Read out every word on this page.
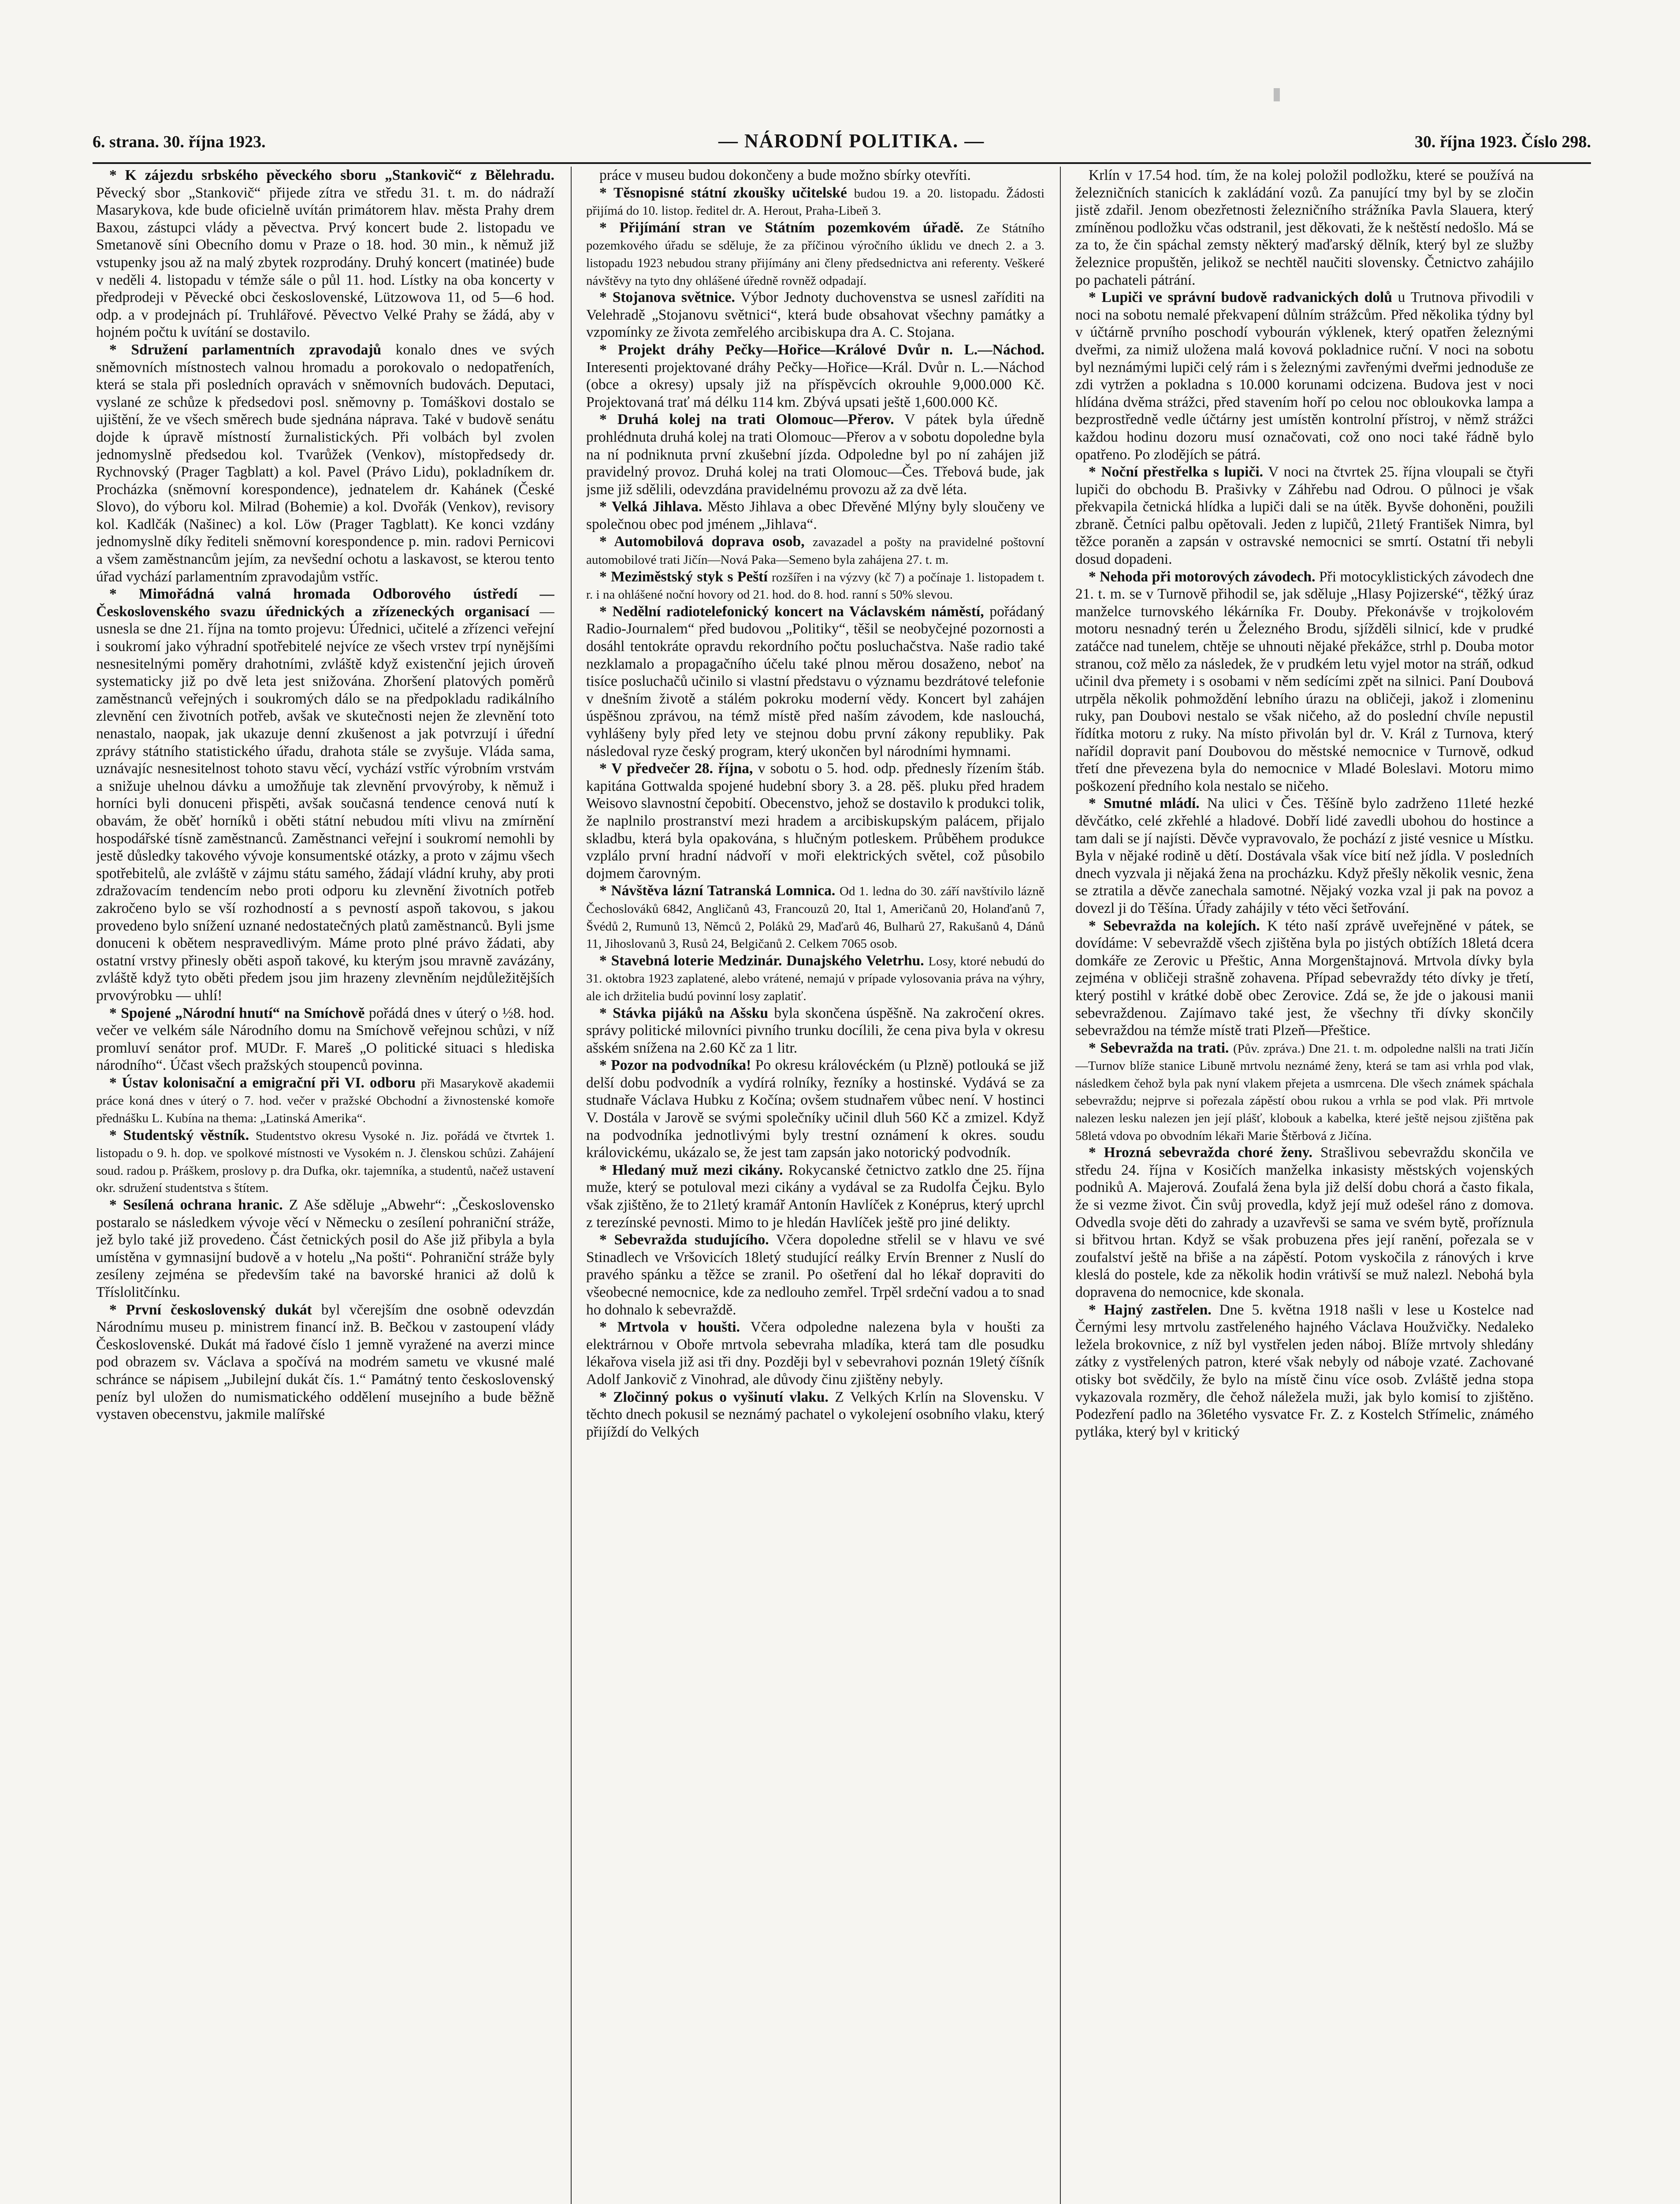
6. strana. 30. října 1923.	— NÁRODNÍ POLITIKA. —	30. října 1923. Číslo 298.

* K zájezdu srbského pěveckého sboru „Stankovič“ z Bělehradu. Pěvecký sbor „Stankovič“ přijede zítra ve středu 31. t. m. do nádraží Masarykova, kde bude oficielně uvítán primátorem hlav. města Prahy drem Baxou, zástupci vlády a pěvectva. Prvý koncert bude 2. listopadu ve Smetanově síni Obecního domu v Praze o 18. hod. 30 min., k němuž již vstupenky jsou až na malý zbytek rozprodány. Druhý koncert (matinée) bude v neděli 4. listopadu v témže sále o půl 11. hod. Lístky na oba koncerty v předprodeji v Pěvecké obci československé, Lützowova 11, od 5—6 hod. odp. a v prodejnách pí. Truhlářové. Pěvectvo Velké Prahy se žádá, aby v hojném počtu k uvítání se dostavilo.

* Sdružení parlamentních zpravodajů konalo dnes ve svých sněmovních místnostech valnou hromadu a porokovalo o nedopatřeních, která se stala při posledních opravách v sněmovních budovách. Deputaci, vyslané ze schůze k předsedovi posl. sněmovny p. Tomáškovi dostalo se ujištění, že ve všech směrech bude sjednána náprava. Také v budově senátu dojde k úpravě místností žurnalistických. Při volbách byl zvolen jednomyslně předsedou kol. Tvarůžek (Venkov), místopředsedy dr. Rychnovský (Prager Tagblatt) a kol. Pavel (Právo Lidu), pokladníkem dr. Procházka (sněmovní korespondence), jednatelem dr. Kahánek (České Slovo), do výboru kol. Milrad (Bohemie) a kol. Dvořák (Venkov), revisory kol. Kadlčák (Našinec) a kol. Löw (Prager Tagblatt). Ke konci vzdány jednomyslně díky řediteli sněmovní korespondence p. min. radovi Pernicovi a všem zaměstnancům jejím, za nevšední ochotu a laskavost, se kterou tento úřad vychází parlamentním zpravodajům vstříc.

* Mimořádná valná hromada Odborového ústředí — Československého svazu úřednických a zřízeneckých organisací — usnesla se dne 21. října na tomto projevu: Úřednici, učitelé a zřízenci veřejní i soukromí jako výhradní spotřebitelé nejvíce ze všech vrstev trpí nynějšími nesnesitelnými poměry drahotními, zvláště když existenční jejich úroveň systematicky již po dvě leta jest snižována. Zhoršení platových poměrů zaměstnanců veřejných i soukromých dálo se na předpokladu radikálního zlevnění cen životních potřeb, avšak ve skutečnosti nejen že zlevnění toto nenastalo, naopak, jak ukazuje denní zkušenost a jak potvrzují i úřední zprávy státního statistického úřadu, drahota stále se zvyšuje. Vláda sama, uznávajíc nesnesitelnost tohoto stavu věcí, vychází vstříc výrobním vrstvám a snižuje uhelnou dávku a umožňuje tak zlevnění prvovýroby, k němuž i horníci byli donuceni přispěti, avšak současná tendence cenová nutí k obavám, že oběť horníků i oběti státní nebudou míti vlivu na zmírnění hospodářské tísně zaměstnanců. Zaměstnanci veřejní i soukromí nemohli by jestě důsledky takového vývoje konsumentské otázky, a proto v zájmu všech spotřebitelů, ale zvláště v zájmu státu samého, žádají vládní kruhy, aby proti zdražovacím tendencím nebo proti odporu ku zlevnění životních potřeb zakročeno bylo se vší rozhodností a s pevností aspoň takovou, s jakou provedeno bylo snížení uznané nedostatečných platů zaměstnanců. Byli jsme donuceni k obětem nespravedlivým. Máme proto plné právo žádati, aby ostatní vrstvy přinesly oběti aspoň takové, ku kterým jsou mravně zavázány, zvláště když tyto oběti předem jsou jim hrazeny zlevněním nejdůležitějších prvovýrobku — uhlí!

* Spojené „Národní hnutí“ na Smíchově pořádá dnes v úterý o ½8. hod. večer ve velkém sále Národního domu na Smíchově veřejnou schůzi, v níž promluví senátor prof. MUDr. F. Mareš „O politické situaci s hlediska národního“. Účast všech pražských stoupenců povinna.

* Ústav kolonisační a emigrační při VI. odboru při Masarykově akademii práce koná dnes v úterý o 7. hod. večer v pražské Obchodní a živnostenské komoře přednášku L. Kubína na thema: „Latinská Amerika“.

* Studentský věstník. Studentstvo okresu Vysoké n. Jiz. pořádá ve čtvrtek 1. listopadu o 9. h. dop. ve spolkové místnosti ve Vysokém n. J. členskou schůzi. Zahájení soud. radou p. Práškem, proslovy p. dra Dufka, okr. tajemníka, a studentů, načež ustavení okr. sdružení studentstva s štítem.

* Sesílená ochrana hranic. Z Aše sděluje „Abwehr“: „Československo postaralo se následkem vývoje věcí v Německu o zesílení pohraniční stráže, jež bylo také již provedeno. Část četnických posil do Aše již přibyla a byla umístěna v gymnasijní budově a v hotelu „Na pošti“. Pohraniční stráže byly zesíleny zejména se především také na bavorské hranici až dolů k Tříslolitčínku.

* První československý dukát byl včerejším dne osobně odevzdán Národnímu museu p. ministrem financí inž. B. Bečkou v zastoupení vlády Československé. Dukát má řadové číslo 1 jemně vyražené na averzi mince pod obrazem sv. Václava a spočívá na modrém sametu ve vkusné malé schránce se nápisem „Jubilejní dukát čís. 1.“ Památný tento československý peníz byl uložen do numismatického oddělení musejního a bude běžně vystaven obecenstvu, jakmile malířské

práce v museu budou dokončeny a bude možno sbírky otevříti.

* Těsnopisné státní zkoušky učitelské budou 19. a 20. listopadu. Žádosti přijímá do 10. listop. ředitel dr. A. Herout, Praha-Libeň 3.

* Přijímání stran ve Státním pozemkovém úřadě. Ze Státního pozemkového úřadu se sděluje, že za příčinou výročního úklidu ve dnech 2. a 3. listopadu 1923 nebudou strany přijímány ani členy předsednictva ani referenty. Veškeré návštěvy na tyto dny ohlášené úředně rovněž odpadají.

* Stojanova světnice. Výbor Jednoty duchovenstva se usnesl zaříditi na Velehradě „Stojanovu světnici“, která bude obsahovat všechny památky a vzpomínky ze života zemřelého arcibiskupa dra A. C. Stojana.

* Projekt dráhy Pečky—Hořice—Králové Dvůr n. L.—Náchod. Interesenti projektované dráhy Pečky—Hořice—Král. Dvůr n. L.—Náchod (obce a okresy) upsaly již na příspěvcích okrouhle 9,000.000 Kč. Projektovaná trať má délku 114 km. Zbývá upsati ještě 1,600.000 Kč.

* Druhá kolej na trati Olomouc—Přerov. V pátek byla úředně prohlédnuta druhá kolej na trati Olomouc—Přerov a v sobotu dopoledne byla na ní podniknuta první zkušební jízda. Odpoledne byl po ní zahájen již pravidelný provoz. Druhá kolej na trati Olomouc—Čes. Třebová bude, jak jsme již sdělili, odevzdána pravidelnému provozu až za dvě léta.

* Velká Jihlava. Město Jihlava a obec Dřevěné Mlýny byly sloučeny ve společnou obec pod jménem „Jihlava“.

* Automobilová doprava osob, zavazadel a pošty na pravidelné poštovní automobilové trati Jičín—Nová Paka—Semeno byla zahájena 27. t. m.

* Meziměstský styk s Peští rozšířen i na výzvy (kč 7) a počínaje 1. listopadem t. r. i na ohlášené noční hovory od 21. hod. do 8. hod. ranní s 50% slevou.

* Nedělní radiotelefonický koncert na Václavském náměstí, pořádaný Radio-Journalem“ před budovou „Politiky“, těšil se neobyčejné pozornosti a dosáhl tentokráte opravdu rekordního počtu posluchačstva. Naše radio také nezklamalo a propagačního účelu také plnou měrou dosaženo, neboť na tisíce posluchačů učinilo si vlastní představu o významu bezdrátové telefonie v dnešním životě a stálém pokroku moderní vědy. Koncert byl zahájen úspěšnou zprávou, na témž místě před naším závodem, kde naslouchá, vyhlášeny byly před lety ve stejnou dobu první zákony republiky. Pak následoval ryze český program, který ukončen byl národními hymnami.

* V předvečer 28. října, v sobotu o 5. hod. odp. přednesly řízením štáb. kapitána Gottwalda spojené hudební sbory 3. a 28. pěš. pluku před hradem Weisovo slavnostní čepobití. Obecenstvo, jehož se dostavilo k produkci tolik, že naplnilo prostranství mezi hradem a arcibiskupským palácem, přijalo skladbu, která byla opakována, s hlučným potleskem. Průběhem produkce vzplálo první hradní nádvoří v moři elektrických světel, což působilo dojmem čarovným.

* Návštěva lázní Tatranská Lomnica. Od 1. ledna do 30. září navštívilo lázně Čechoslováků 6842, Angličanů 43, Francouzů 20, Ital 1, Američanů 20, Holanďanů 7, Švédů 2, Rumunů 13, Němců 2, Poláků 29, Maďarů 46, Bulharů 27, Rakušanů 4, Dánů 11, Jihoslovanů 3, Rusů 24, Belgičanů 2. Celkem 7065 osob.

* Stavebná loterie Medzinár. Dunajského Veletrhu. Losy, ktoré nebudú do 31. oktobra 1923 zaplatené, alebo vrátené, nemajú v prípade vylosovania práva na výhry, ale ich držitelia budú povinní losy zaplatiť.

* Stávka pijáků na Ašsku byla skončena úspěšně. Na zakročení okres. správy politické milovníci pivního trunku docílili, že cena piva byla v okresu ašském snížena na 2.60 Kč za 1 litr.

* Pozor na podvodníka! Po okresu královéckém (u Plzně) potlouká se již delší dobu podvodník a vydírá rolníky, řezníky a hostinské. Vydává se za studnaře Václava Hubku z Kočína; ovšem studnařem vůbec není. V hostinci V. Dostála v Jarově se svými společníky učinil dluh 560 Kč a zmizel. Když na podvodníka jednotlivými byly trestní oznámení k okres. soudu královickému, ukázalo se, že jest tam zapsán jako notorický podvodník.

* Hledaný muž mezi cikány. Rokycanské četnictvo zatklo dne 25. října muže, který se potuloval mezi cikány a vydával se za Rudolfa Čejku. Bylo však zjištěno, že to 21letý kramář Antonín Havlíček z Konéprus, který uprchl z terezínské pevnosti. Mimo to je hledán Havlíček ještě pro jiné delikty.

* Sebevražda studujícího. Včera dopoledne střelil se v hlavu ve své Stinadlech ve Vršovicích 18letý studující reálky Ervín Brenner z Nuslí do pravého spánku a těžce se zranil. Po ošetření dal ho lékař dopraviti do všeobecné nemocnice, kde za nedlouho zemřel. Trpěl srdeční vadou a to snad ho dohnalo k sebevraždě.

* Mrtvola v houšti. Včera odpoledne nalezena byla v houšti za elektrárnou v Oboře mrtvola sebevraha mladíka, která tam dle posudku lékařova visela již asi tři dny. Později byl v sebevrahovi poznán 19letý číšník Adolf Jankovič z Vinohrad, ale důvody činu zjištěny nebyly.

* Zločinný pokus o vyšinutí vlaku. Z Velkých Krlín na Slovensku. V těchto dnech pokusil se neznámý pachatel o vykolejení osobního vlaku, který přijíždí do Velkých

Krlín v 17.54 hod. tím, že na kolej položil podložku, které se používá na železničních stanicích k zakládání vozů. Za panující tmy byl by se zločin jistě zdařil. Jenom obezřetnosti železničního strážníka Pavla Slauera, který zmíněnou podložku včas odstranil, jest děkovati, že k neštěstí nedošlo. Má se za to, že čin spáchal zemsty některý maďarský dělník, který byl ze služby železnice propuštěn, jelikož se nechtěl naučiti slovensky. Četnictvo zahájilo po pachateli pátrání.

* Lupiči ve správní budově radvanických dolů u Trutnova přivodili v noci na sobotu nemalé překvapení důlním strážcům. Před několika týdny byl v účtárně prvního poschodí vybourán výklenek, který opatřen železnými dveřmi, za nimiž uložena malá kovová pokladnice ruční. V noci na sobotu byl neznámými lupiči celý rám i s železnými zavřenými dveřmi jednoduše ze zdi vytržen a pokladna s 10.000 korunami odcizena. Budova jest v noci hlídána dvěma strážci, před stavením hoří po celou noc obloukovka lampa a bezprostředně vedle účtárny jest umístěn kontrolní přístroj, v němž strážci každou hodinu dozoru musí označovati, což ono noci také řádně bylo opatřeno. Po zlodějích se pátrá.

* Noční přestřelka s lupiči. V noci na čtvrtek 25. října vloupali se čtyři lupiči do obchodu B. Prašivky v Záhřebu nad Odrou. O půlnoci je však překvapila četnická hlídka a lupiči dali se na útěk. Byvše dohoněni, použili zbraně. Četníci palbu opětovali. Jeden z lupičů, 21letý František Nimra, byl těžce poraněn a zapsán v ostravské nemocnici se smrtí. Ostatní tři nebyli dosud dopadeni.

* Nehoda při motorových závodech. Při motocyklistických závodech dne 21. t. m. se v Turnově přihodil se, jak sděluje „Hlasy Pojizerské“, těžký úraz manželce turnovského lékárníka Fr. Douby. Překonávše v trojkolovém motoru nesnadný terén u Železného Brodu, sjížděli silnicí, kde v prudké zatáčce nad tunelem, chtěje se uhnouti nějaké překážce, strhl p. Douba motor stranou, což mělo za následek, že v prudkém letu vyjel motor na stráň, odkud učinil dva přemety i s osobami v něm sedícími zpět na silnici. Paní Doubová utrpěla několik pohmoždění lebního úrazu na obličeji, jakož i zlomeninu ruky, pan Doubovi nestalo se však ničeho, až do poslední chvíle nepustil řídítka motoru z ruky. Na místo přivolán byl dr. V. Král z Turnova, který nařídil dopravit paní Doubovou do městské nemocnice v Turnově, odkud třetí dne převezena byla do nemocnice v Mladé Boleslavi. Motoru mimo poškození předního kola nestalo se ničeho.

* Smutné mládí. Na ulici v Čes. Těšíně bylo zadrženo 11leté hezké děvčátko, celé zkřehlé a hladové. Dobří lidé zavedli ubohou do hostince a tam dali se jí najísti. Děvče vypravovalo, že pochází z jisté vesnice u Místku. Byla v nějaké rodině u dětí. Dostávala však více bití než jídla. V posledních dnech vyzvala ji nějaká žena na procházku. Když přešly několik vesnic, žena se ztratila a děvče zanechala samotné. Nějaký vozka vzal ji pak na povoz a dovezl ji do Těšína. Úřady zahájily v této věci šetřování.

* Sebevražda na kolejích. K této naší zprávě uveřejněné v pátek, se dovídáme: V sebevraždě všech zjištěna byla po jistých obtížích 18letá dcera domkáře ze Zerovic u Přeštic, Anna Morgenštajnová. Mrtvola dívky byla zejména v obličeji strašně zohavena. Případ sebevraždy této dívky je třetí, který postihl v krátké době obec Zerovice. Zdá se, že jde o jakousi manii sebevraždenou. Zajímavo také jest, že všechny tři dívky skončily sebevraždou na témže místě trati Plzeň—Přeštice.

* Sebevražda na trati. (Pův. zpráva.) Dne 21. t. m. odpoledne nalšli na trati Jičín—Turnov blíže stanice Libuně mrtvolu neznámé ženy, která se tam asi vrhla pod vlak, následkem čehož byla pak nyní vlakem přejeta a usmrcena. Dle všech známek spáchala sebevraždu; nejprve si pořezala zápěstí obou rukou a vrhla se pod vlak. Při mrtvole nalezen lesku nalezen jen její plášť, klobouk a kabelka, které ještě nejsou zjištěna pak 58letá vdova po obvodním lékaři Marie Štěrbová z Jičína.

* Hrozná sebevražda choré ženy. Strašlivou sebevraždu skončila ve středu 24. října v Kosičích manželka inkasisty městských vojenských podniků A. Majerová. Zoufalá žena byla již delší dobu chorá a často fikala, že si vezme život. Čin svůj provedla, když její muž odešel ráno z domova. Odvedla svoje děti do zahrady a uzavřevši se sama ve svém bytě, proříznula si břitvou hrtan. Když se však probuzena přes její ranění, pořezala se v zoufalství ještě na břiše a na zápěstí. Potom vyskočila z ránových i krve kleslá do postele, kde za několik hodin vrátivší se muž nalezl. Nebohá byla dopravena do nemocnice, kde skonala.

* Hajný zastřelen. Dne 5. května 1918 našli v lese u Kostelce nad Černými lesy mrtvolu zastřeleného hajného Václava Houžvičky. Nedaleko ležela brokovnice, z níž byl vystřelen jeden náboj. Blíže mrtvoly shledány zátky z vystřelených patron, které však nebyly od náboje vzaté. Zachované otisky bot svědčily, že bylo na místě činu více osob. Zvláště jedna stopa vykazovala rozměry, dle čehož náležela muži, jak bylo komisí to zjištěno. Podezření padlo na 36letého vysvatce Fr. Z. z Kostelch Střímelic, známého pytláka, který byl v kritický
